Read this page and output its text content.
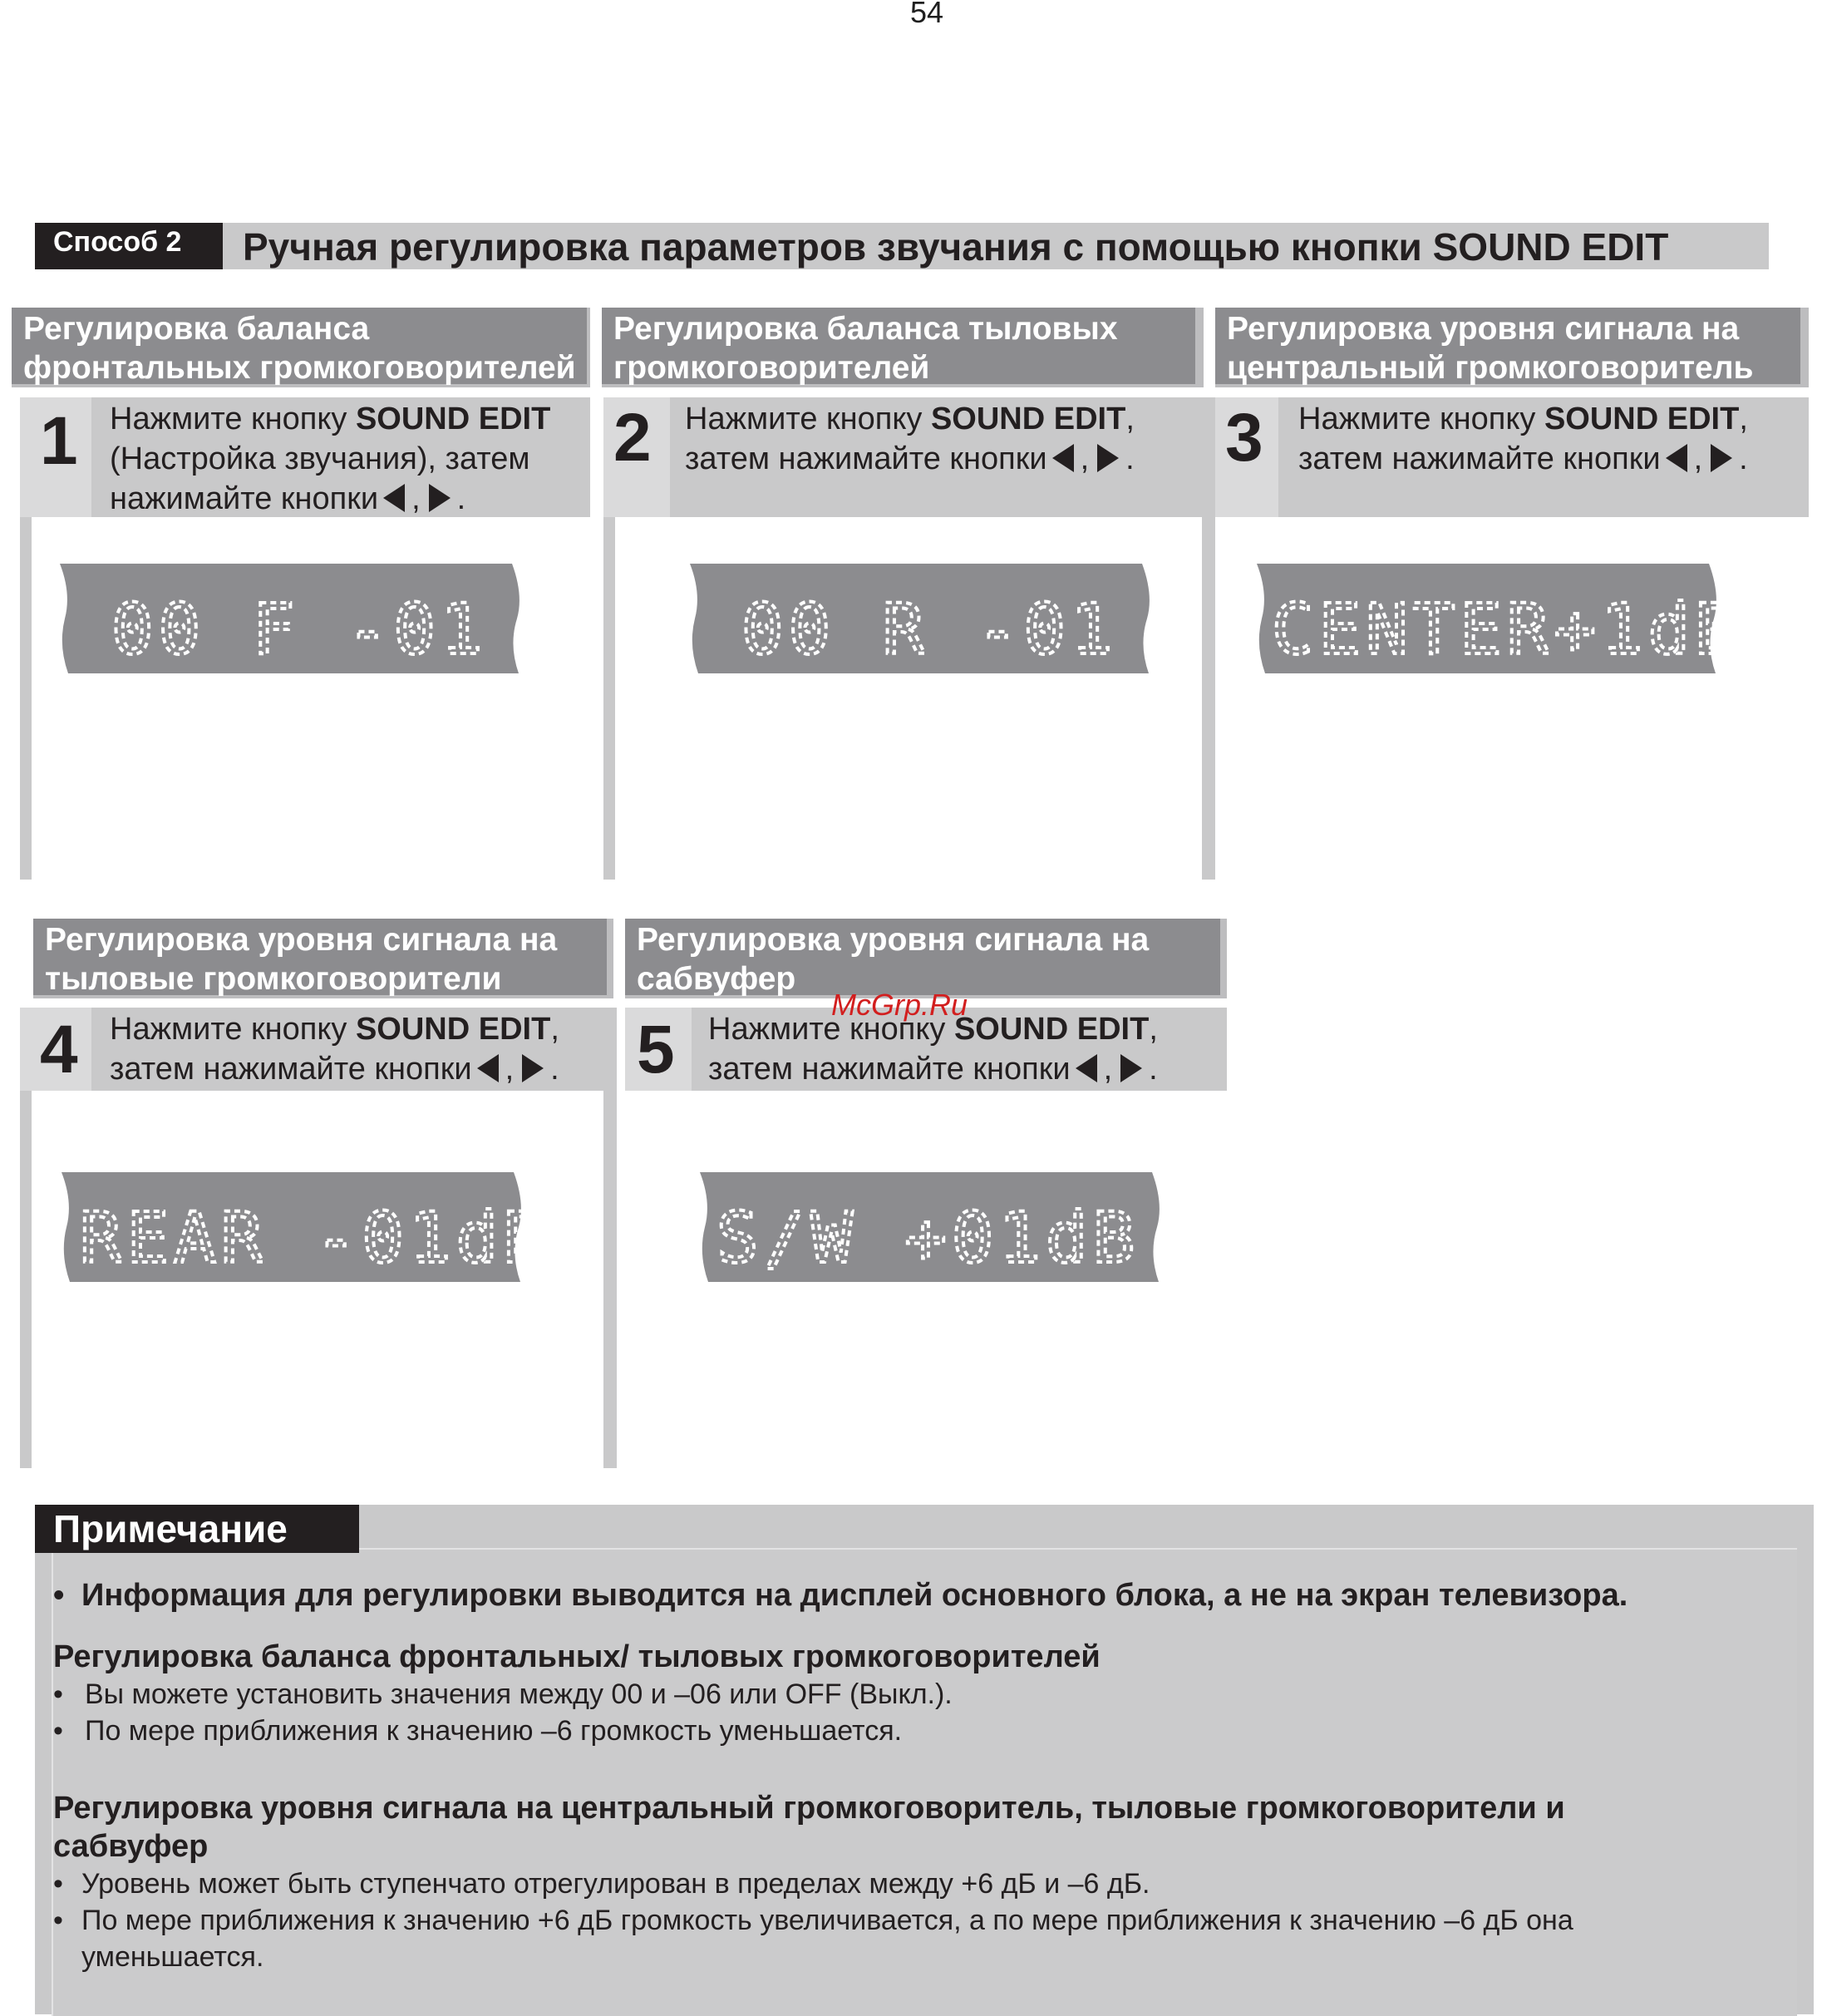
54
Способ 2 Ручная регулировка параметров звучания с помощью кнопки SOUND EDIT
Регулировка баланса
фронтальных громкоговорителей
1 Нажмите кнопку SOUND EDIT
(Настройка звучания), затем
нажимайте кнопки , .
00 F -01
Регулировка баланса тыловых
громкоговорителей
2 Нажмите кнопку SOUND EDIT,
затем нажимайте кнопки , .
00 R -01
Регулировка уровня сигнала на
центральный громкоговоритель
3 Нажмите кнопку SOUND EDIT,
затем нажимайте кнопки , .
CENTER+1dB
Регулировка уровня сигнала на
тыловые громкоговорители
4 Нажмите кнопку SOUND EDIT,
затем нажимайте кнопки , .
REAR -01dB
Регулировка уровня сигнала на
сабвуфер
5 Нажмите кнопку SOUND EDIT,
затем нажимайте кнопки , .
S/W +01dB
McGrp.Ru
Примечание
• Информация для регулировки выводится на дисплей основного блока, а не на экран телевизора.
Регулировка баланса фронтальных/ тыловых громкоговорителей
• Вы можете установить значения между 00 и –06 или OFF (Выкл.).
• По мере приближения к значению –6 громкость уменьшается.
Регулировка уровня сигнала на центральный громкоговоритель, тыловые громкоговорители и
сабвуфер
• Уровень может быть ступенчато отрегулирован в пределах между +6 дБ и –6 дБ.
• По мере приближения к значению +6 дБ громкость увеличивается, а по мере приближения к значению –6 дБ она
уменьшается.
